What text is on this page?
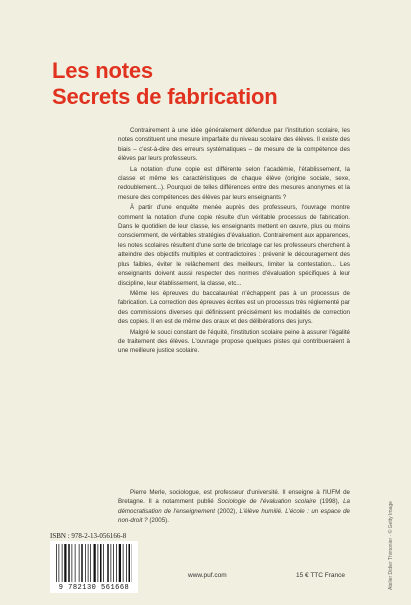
Les notes
Secrets de fabrication

Contrairement à une idée généralement défendue par l'institution scolaire, les notes constituent une mesure imparfaite du niveau scolaire des élèves. Il existe des biais – c'est-à-dire des erreurs systématiques – de mesure de la compétence des élèves par leurs professeurs.

La notation d'une copie est différente selon l'académie, l'établissement, la classe et même les caractéristiques de chaque élève (origine sociale, sexe, redoublement...). Pourquoi de telles différences entre des mesures anonymes et la mesure des compétences des élèves par leurs enseignants ?

À partir d'une enquête menée auprès des professeurs, l'ouvrage montre comment la notation d'une copie résulte d'un véritable processus de fabrication. Dans le quotidien de leur classe, les enseignants mettent en œuvre, plus ou moins consciemment, de véritables stratégies d'évaluation. Contrairement aux apparences, les notes scolaires résultent d'une sorte de bricolage car les professeurs cherchent à atteindre des objectifs multiples et contradictoires : prévenir le découragement des plus faibles, éviter le relâchement des meilleurs, limiter la contestation... Les enseignants doivent aussi respecter des normes d'évaluation spécifiques à leur discipline, leur établissement, la classe, etc...

Même les épreuves du baccalauréat n'échappent pas à un processus de fabrication. La correction des épreuves écrites est un processus très réglementé par des commissions diverses qui définissent précisément les modalités de correction des copies. Il en est de même des oraux et des délibérations des jurys.

Malgré le souci constant de l'équité, l'institution scolaire peine à assurer l'égalité de traitement des élèves. L'ouvrage propose quelques pistes qui contribueraient à une meilleure justice scolaire.

Pierre Merle, sociologue, est professeur d'université. Il enseigne à l'IUFM de Bretagne. Il a notamment publié Sociologie de l'évaluation scolaire (1998), La démocratisation de l'enseignement (2002), L'élève humilié. L'école : un espace de non-droit ? (2005).	Atelier Didier Thimonier · © Getty Image
ISBN : 978-2-13-056166-8
9 782130 561668
www.puf.com	15 € TTC France
